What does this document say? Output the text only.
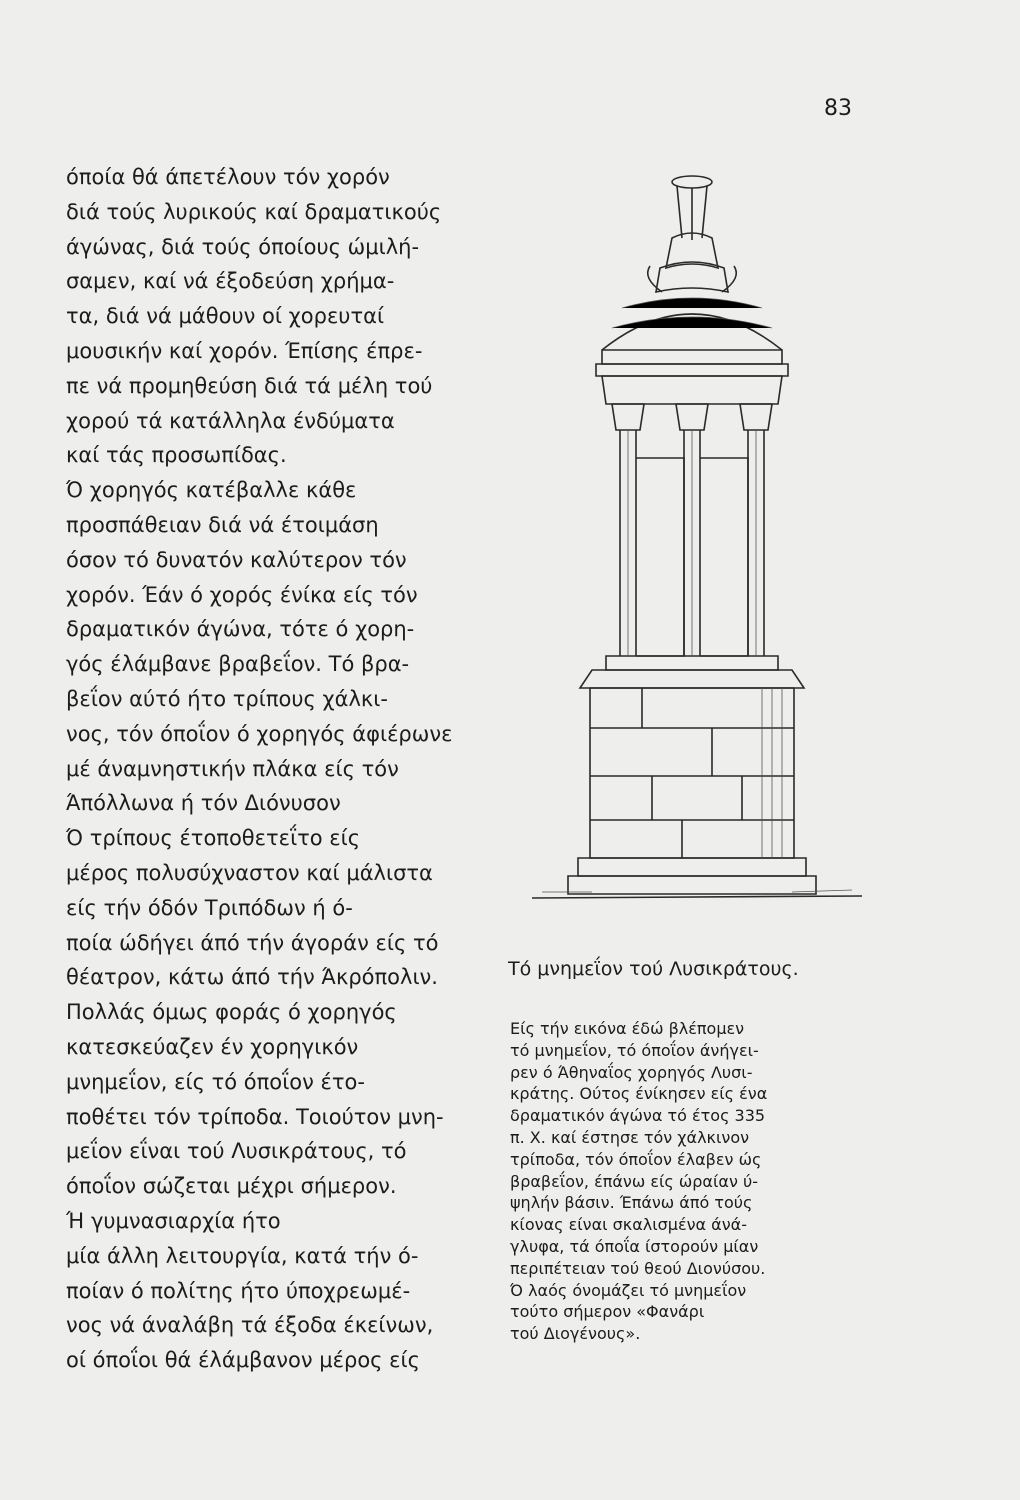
83
όποία θά άπετέλουν τόν χορόν
διά τούς λυρικούς καί δραματικούς
άγώνας, διά τούς όποίους ώμιλή-
σαμεν, καί νά έξοδεύση χρήμα-
τα, διά νά μάθουν οί χορευταί
μουσικήν καί χορόν. Έπίσης έπρε-
πε νά προμηθεύση διά τά μέλη τού
χορού τά κατάλληλα ένδύματα
καί τάς προσωπίδας.
Ό χορηγός κατέβαλλε κάθε
προσπάθειαν διά νά έτοιμάση
όσον τό δυνατόν καλύτερον τόν
χορόν. Έάν ό χορός ένίκα είς τόν
δραματικόν άγώνα, τότε ό χορη-
γός έλάμβανε βραβεΐον. Τό βρα-
βεΐον αύτό ήτο τρίπους χάλκι-
νος, τόν όποΐον ό χορηγός άφιέρωνε
μέ άναμνηστικήν πλάκα είς τόν
Άπόλλωνα ή τόν Διόνυσον
Ό τρίπους έτοποθετεΐτο είς
μέρος πολυσύχναστον καί μάλιστα
είς τήν όδόν Τριπόδων ή ό-
ποία ώδήγει άπό τήν άγοράν είς τό
θέατρον, κάτω άπό τήν Άκρόπολιν.
Πολλάς όμως φοράς ό χορηγός
κατεσκεύαζεν έν χορηγικόν
μνημεΐον, είς τό όποΐον έτο-
ποθέτει τόν τρίποδα. Τοιούτον μνη-
μεΐον εΐναι τού Λυσικράτους, τό
όποΐον σώζεται μέχρι σήμερον.
Ή γυμνασιαρχία ήτο
μία άλλη λειτουργία, κατά τήν ό-
ποίαν ό πολίτης ήτο ύποχρεωμέ-
νος νά άναλάβη τά έξοδα έκείνων,
οί όποΐοι θά έλάμβανον μέρος είς
Τό μνημεΐον τού Λυσικράτους.
Είς τήν εικόνα έδώ βλέπομεν
τό μνημεΐον, τό όποΐον άνήγει-
ρεν ό Άθηναΐος χορηγός Λυσι-
κράτης. Ούτος ένίκησεν είς ένα
δραματικόν άγώνα τό έτος 335
π. Χ. καί έστησε τόν χάλκινον
τρίποδα, τόν όποΐον έλαβεν ώς
βραβεΐον, έπάνω είς ώραίαν ύ-
ψηλήν βάσιν. Έπάνω άπό τούς
κίονας είναι σκαλισμένα άνά-
γλυφα, τά όποΐα ίστορούν μίαν
περιπέτειαν τού θεού Διονύσου.
Ό λαός όνομάζει τό μνημεΐον
τούτο σήμερον «Φανάρι
τού Διογένους».
